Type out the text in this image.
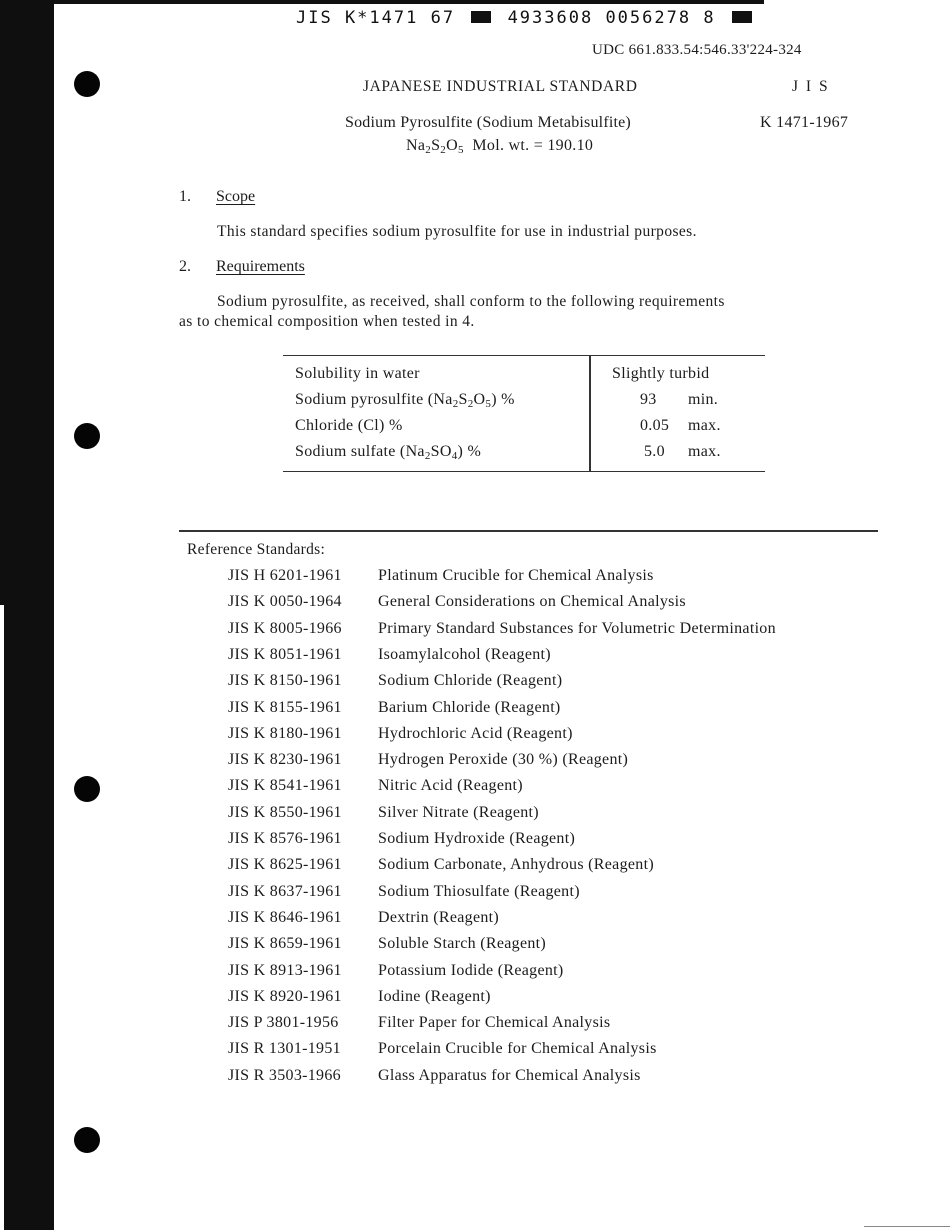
JIS K*1471 67	4933608 0056278 8
UDC 661.833.54:546.33'224-324
JAPANESE INDUSTRIAL STANDARD	J I S
Sodium Pyrosulfite (Sodium Metabisulfite)	K 1471-1967
$Na_2S_2O_5$ Mol. wt. = 190.10
1. Scope
This standard specifies sodium pyrosulfite for use in industrial purposes.
2. Requirements
Sodium pyrosulfite, as received, shall conform to the following requirements
as to chemical composition when tested in 4.
Solubility in water	Slightly turbid
Sodium pyrosulfite $(Na_2S_2O_5)$ %	93 min.
Chloride (Cl) %	0.05 max.
Sodium sulfate $(Na_2SO_4)$ %	5.0 max.
Reference Standards:
JIS H 6201-1961 Platinum Crucible for Chemical Analysis
JIS K 0050-1964 General Considerations on Chemical Analysis
JIS K 8005-1966 Primary Standard Substances for Volumetric Determination
JIS K 8051-1961 Isoamylalcohol (Reagent)
JIS K 8150-1961 Sodium Chloride (Reagent)
JIS K 8155-1961 Barium Chloride (Reagent)
JIS K 8180-1961 Hydrochloric Acid (Reagent)
JIS K 8230-1961 Hydrogen Peroxide (30 %) (Reagent)
JIS K 8541-1961 Nitric Acid (Reagent)
JIS K 8550-1961 Silver Nitrate (Reagent)
JIS K 8576-1961 Sodium Hydroxide (Reagent)
JIS K 8625-1961 Sodium Carbonate, Anhydrous (Reagent)
JIS K 8637-1961 Sodium Thiosulfate (Reagent)
JIS K 8646-1961 Dextrin (Reagent)
JIS K 8659-1961 Soluble Starch (Reagent)
JIS K 8913-1961 Potassium Iodide (Reagent)
JIS K 8920-1961 Iodine (Reagent)
JIS P 3801-1956 Filter Paper for Chemical Analysis
JIS R 1301-1951 Porcelain Crucible for Chemical Analysis
JIS R 3503-1966 Glass Apparatus for Chemical Analysis
